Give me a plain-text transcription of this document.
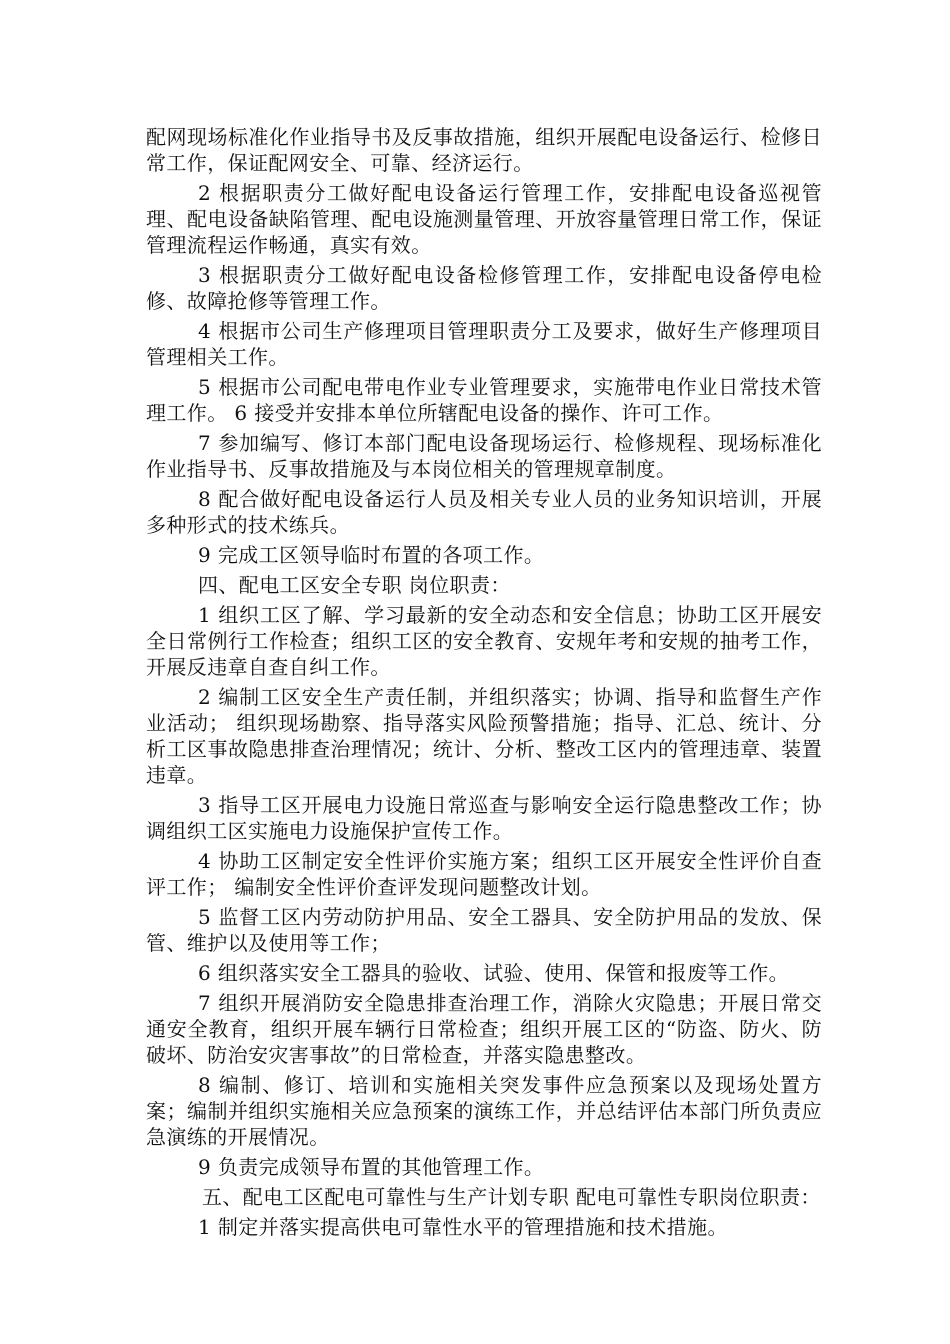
配网现场标准化作业指导书及反事故措施，组织开展配电设备运行、检修日常工作，保证配网安全、可靠、经济运行。

2 根据职责分工做好配电设备运行管理工作，安排配电设备巡视管理、配电设备缺陷管理、配电设施测量管理、开放容量管理日常工作，保证管理流程运作畅通，真实有效。

3 根据职责分工做好配电设备检修管理工作，安排配电设备停电检修、故障抢修等管理工作。

4 根据市公司生产修理项目管理职责分工及要求，做好生产修理项目管理相关工作。

5 根据市公司配电带电作业专业管理要求，实施带电作业日常技术管理工作。 6 接受并安排本单位所辖配电设备的操作、许可工作。

7 参加编写、修订本部门配电设备现场运行、检修规程、现场标准化作业指导书、反事故措施及与本岗位相关的管理规章制度。

8 配合做好配电设备运行人员及相关专业人员的业务知识培训，开展多种形式的技术练兵。

9 完成工区领导临时布置的各项工作。

四、配电工区安全专职 岗位职责：

1 组织工区了解、学习最新的安全动态和安全信息；协助工区开展安全日常例行工作检查；组织工区的安全教育、安规年考和安规的抽考工作，开展反违章自查自纠工作。

2 编制工区安全生产责任制，并组织落实；协调、指导和监督生产作业活动； 组织现场勘察、指导落实风险预警措施；指导、汇总、统计、分析工区事故隐患排查治理情况；统计、分析、整改工区内的管理违章、装置违章。

3 指导工区开展电力设施日常巡查与影响安全运行隐患整改工作；协调组织工区实施电力设施保护宣传工作。

4 协助工区制定安全性评价实施方案；组织工区开展安全性评价自查评工作； 编制安全性评价查评发现问题整改计划。

5 监督工区内劳动防护用品、安全工器具、安全防护用品的发放、保管、维护以及使用等工作；

6 组织落实安全工器具的验收、试验、使用、保管和报废等工作。

7 组织开展消防安全隐患排查治理工作，消除火灾隐患；开展日常交通安全教育，组织开展车辆行日常检查；组织开展工区的“防盗、防火、防破坏、防治安灾害事故”的日常检查，并落实隐患整改。

8 编制、修订、培训和实施相关突发事件应急预案以及现场处置方案；编制并组织实施相关应急预案的演练工作，并总结评估本部门所负责应急演练的开展情况。

9 负责完成领导布置的其他管理工作。

五、配电工区配电可靠性与生产计划专职 配电可靠性专职岗位职责：

1 制定并落实提高供电可靠性水平的管理措施和技术措施。
